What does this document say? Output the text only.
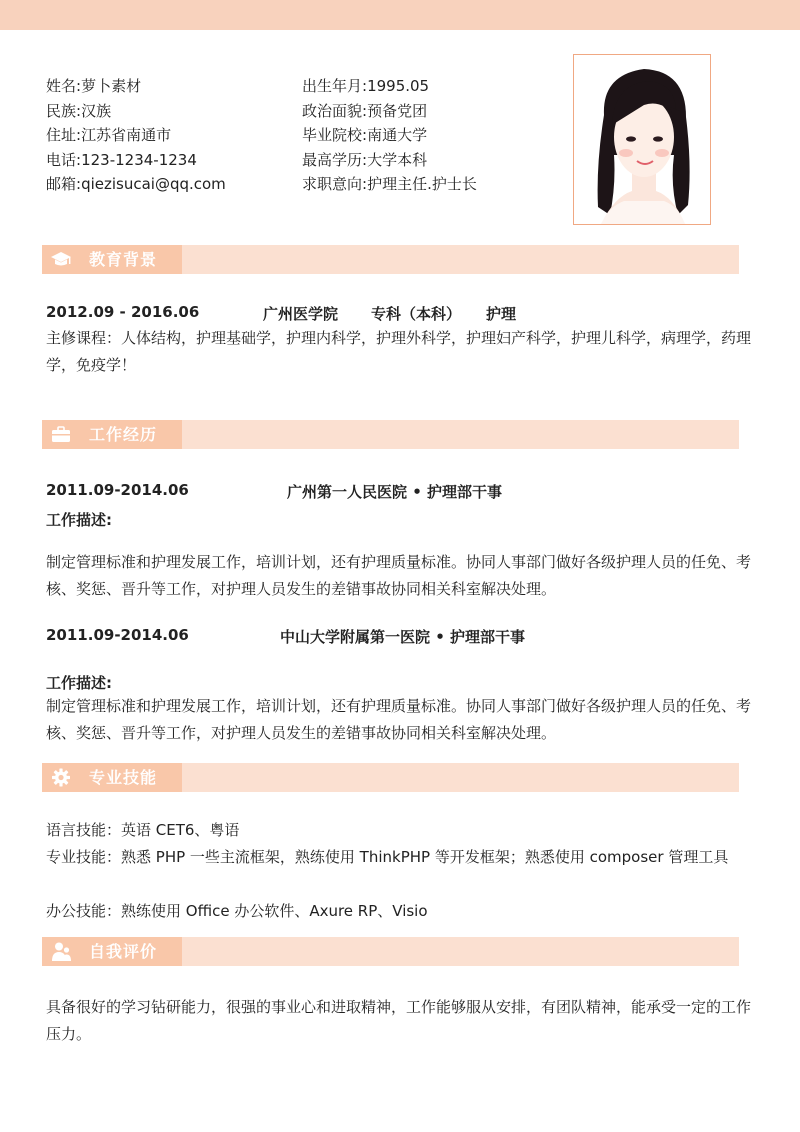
姓名:萝卜素材
民族:汉族
住址:江苏省南通市
电话:123-1234-1234
邮箱:qiezisucai@qq.com
出生年月:1995.05
政治面貌:预备党团
毕业院校:南通大学
最高学历:大学本科
求职意向:护理主任.护士长
教育背景
2012.09 - 2016.06	广州医学院 专科（本科） 护理
主修课程：人体结构，护理基础学，护理内科学，护理外科学，护理妇产科学，护理儿科学，病理学，药理学，免疫学！
工作经历
2011.09-2014.06	广州第一人民医院 • 护理部干事
工作描述:
制定管理标准和护理发展工作，培训计划，还有护理质量标准。协同人事部门做好各级护理人员的任免、考核、奖惩、晋升等工作，对护理人员发生的差错事故协同相关科室解决处理。
2011.09-2014.06	中山大学附属第一医院 • 护理部干事
工作描述:
制定管理标准和护理发展工作，培训计划，还有护理质量标准。协同人事部门做好各级护理人员的任免、考核、奖惩、晋升等工作，对护理人员发生的差错事故协同相关科室解决处理。
专业技能
语言技能：英语 CET6、粤语
专业技能：熟悉 PHP 一些主流框架，熟练使用 ThinkPHP 等开发框架；熟悉使用 composer 管理工具
办公技能：熟练使用 Office 办公软件、Axure RP、Visio
自我评价
具备很好的学习钻研能力，很强的事业心和进取精神，工作能够服从安排，有团队精神，能承受一定的工作压力。
